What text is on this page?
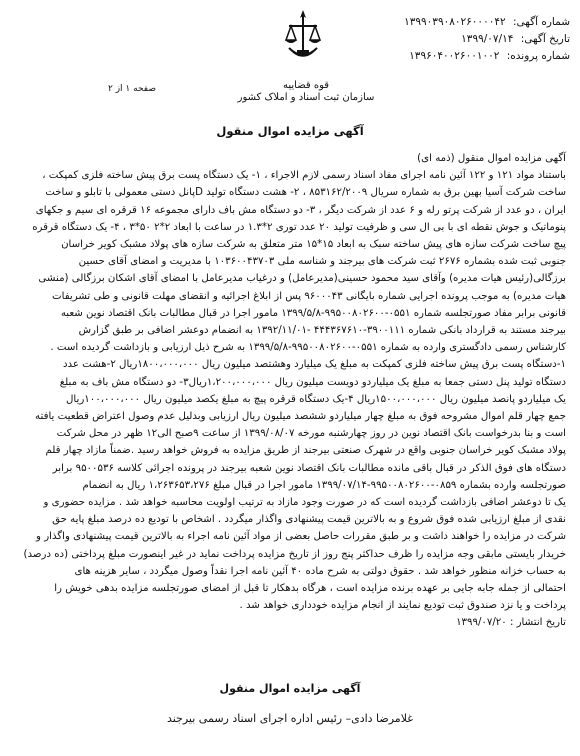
قوه قضاییه
سازمان ثبت اسناد و املاک کشور
صفحه ۱ از ۲
شماره آگهی: ۱۳۹۹۰۳۹۰۸۰۲۶۰۰۰۰۴۲
تاریخ آگهی: ۱۳۹۹/۰۷/۱۴
شماره پرونده: ۱۳۹۶۰۴۰۰۲۶۰۰۱۰۰۲
آگهی مزایده اموال منقول

آگهی مزایده اموال منقول (ذمه ای)

باستناد مواد ۱۲۱ و ۱۲۲ آئین نامه اجرای مفاد اسناد رسمی لازم الاجراء ، ۱- یک دستگاه پست برق پیش ساخته فلزی کمپکت ،

ساخت شرکت آسیا بهین برق به شماره سریال ۸۵۳۱۶۲/۲۰۰۹ ، ۲- هشت دستگاه تولید Dپانل دستی معمولی با تابلو و ساخت

ایران ، دو عدد از شرکت پرتو رله و ۶ عدد از شرکت دیگر ، ۳- دو دستگاه مش باف دارای مجموعه ۱۶ قرقره ای سیم و جکهای

پنوماتیک و جوش نقطه ای با بی ال سی و ظرفیت تولید ۲۰ عدد توری ۲*۱.۳ در ساعت با ابعاد ۲*۲ ۵۰*۳ ، ۴- یک دستگاه قرقره

پیچ ساخت شرکت سازه های پیش ساخته سبک به ابعاد ۱۵*۱۵ متر متعلق به شرکت سازه های پولاد مشبک کویر خراسان

جنوبی ثبت شده بشماره ۲۶۷۶ ثبت شرکت های بیرجند و شناسه ملی ۱۰۳۶۰۰۴۳۷۰۳ با مدیریت و امضای آقای حسین

برزگالی(رئیس هیات مدیره) وآقای سید محمود حسینی(مدیرعامل) و درغیاب مدیرعامل با امضای آقای اشکان برزگالی (منشی

هیات مدیره) به موجب پرونده اجرایی شماره بایگانی ۹۶۰۰۰۴۳ پس از ابلاغ اجرائیه و انقضای مهلت قانونی و طی تشریفات

قانونی برابر مفاد صورتجلسه شماره ۰۵۵۱-۹۹۵۰۰۸۰۲۶۰۰-۱۳۹۹/۵/۸ مامور اجرا در قبال مطالبات بانک اقتصاد نوین شعبه

بیرجند مستند به قرارداد بانکی شماره ۳۹۰۰۱۱۱-۴۴۴۳۶۷۶۱۰ -۱۳۹۲/۱۱/۰۱ به انضمام دوعشر اضافی بر طبق گزارش

کارشناس رسمی دادگستری وارده به شماره ۰۵۵۱-۹۹۵۰۰۸۰۲۶۰۰-۱۳۹۹/۵/۸ به شرح ذیل ارزیابی و بازداشت گردیده است .

۱-دستگاه پست برق پیش ساخته فلزی کمپکت به مبلغ یک میلیارد وهشتصد میلیون ریال ۱۸۰۰،۰۰۰،۰۰۰ریال ۲-هشت عدد

دستگاه تولید پنل دستی جمعا به مبلغ یک میلیاردو دویست میلیون ریال ۱،۲۰۰،۰۰۰،۰۰۰ریال۳- دو دستگاه مش باف به مبلغ

یک میلیاردو پانصد میلیون ریال ۱۵۰۰،۰۰۰،۰۰۰ریال ۴-یک دستگاه قرقره پیچ به مبلغ یکصد میلیون ریال ۱۰۰،۰۰۰،۰۰۰ریال

جمع چهار قلم اموال مشروحه فوق به مبلغ چهار میلیاردو ششصد میلیون ریال ارزیابی وبدلیل عدم وصول اعتراض قطعیت یافته

است و بنا بدرخواست بانک اقتصاد نوین در روز چهارشنبه مورخه ۱۳۹۹/۰۸/۰۷ از ساعت ۹صبح الی۱۲ ظهر در محل شرکت

پولاد مشبک کویر خراسان جنوبی واقع در شهرک صنعتی بیرجند از طریق مزایده به فروش خواهد رسید .ضمناً مازاد چهار قلم

دستگاه های فوق الذکر در قبال باقی مانده مطالبات بانک اقتصاد نوین شعبه بیرجند در پرونده اجرائی کلاسه ۹۵۰۰۵۳۶ برابر

صورتجلسه وارده بشماره ۰۸۵۹-۹۹۵۰۰۸۰۲۶۰۰-۱۳۹۹/۰۷/۱۴ مامور اجرا در قبال مبلغ ۱،۲۶۳۶۵۳،۲۷۶ ریال به انضمام

یک تا دوعشر اضافی بازداشت گردیده است که در صورت وجود مازاد به ترتیب اولویت محاسبه خواهد شد . مزایده حضوری و

نقدی از مبلغ ارزیابی شده فوق شروع و به بالاترین قیمت پیشنهادی واگذار میگردد . اشخاص با تودیع ده درصد مبلغ پایه حق

شرکت در مزایده را خواهند داشت و بر طبق مقررات حاصل بعضی از مواد آئین نامه اجراء به بالاترین قیمت پیشنهادی واگذار و

خریدار بایستی مابقی وجه مزایده را ظرف حداکثر پنج روز از تاریخ مزایده پرداخت نماید در غیر اینصورت مبلغ پرداختی (ده درصد)

به حساب خزانه منظور خواهد شد . حقوق دولتی به شرح ماده ۴۰ آئین نامه اجرا نقداً وصول میگردد ، سایر هزینه های

احتمالی از جمله جابه جایی بر عهده برنده مزایده است ، هرگاه بدهکار تا قبل از امضای صورتجلسه مزایده بدهی خویش را

پرداخت و یا نزد صندوق ثبت تودیع نمایند از انجام مزایده خودداری خواهد شد .

تاریخ انتشار : ۱۳۹۹/۰۷/۲۰

آگهی مزایده اموال منقول
غلامرضا دادی– رئیس اداره اجرای اسناد رسمی بیرجند
